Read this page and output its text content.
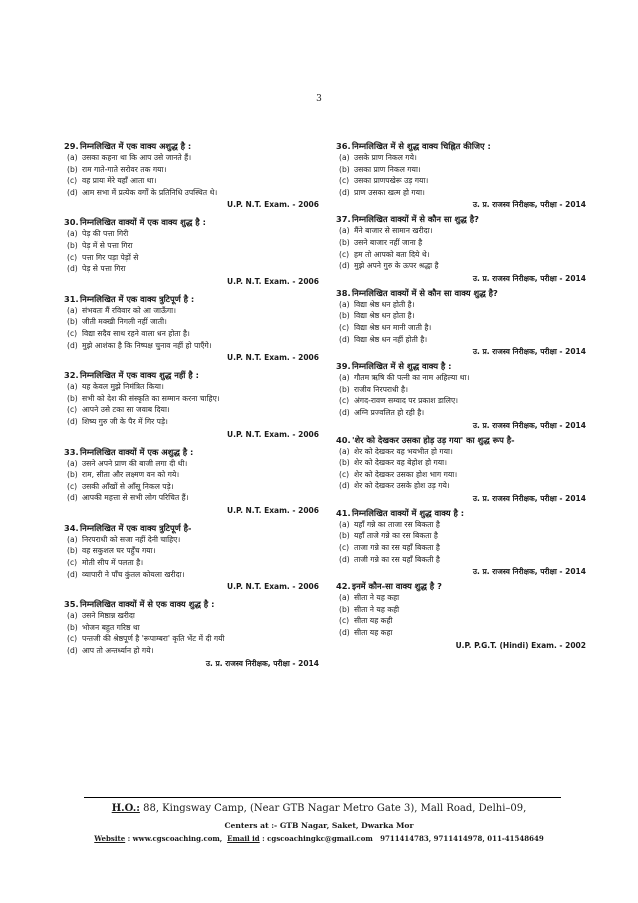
3
29. निम्नलिखित में एक वाक्य अशुद्ध है :
(a) उसका कहना था कि आप उसे जानते हैं।
(b) राम गाते-गाते सरोवर तक गया।
(c) वह प्रायः मेरे यहाँ आता था।
(d) आम सभा में प्रत्येक वर्गों के प्रतिनिधि उपस्थित थे।
U.P. N.T. Exam. - 2006
30. निम्नलिखित वाक्यों में एक वाक्य शुद्ध है :
(a) पेड़ की पत्ता गिरी
(b) पेड़ में से पत्ता गिरा
(c) पत्ता गिर पड़ा पेड़ों से
(d) पेड़ से पत्ता गिरा
U.P. N.T. Exam. - 2006
31. निम्नलिखित में एक वाक्य त्रुटिपूर्ण है :
(a) संभवतः मैं रविवार को आ जाऊँगा।
(b) जीती मक्खी निगली नहीं जाती।
(c) विद्या सदैव साथ रहने वाला धन होता है।
(d) मुझे आशंका है कि निष्पक्ष चुनाव नहीं हो पाएँगे।
U.P. N.T. Exam. - 2006
32. निम्नलिखित में एक वाक्य शुद्ध नहीं है :
(a) यह केवल मुझे निमंत्रित किया।
(b) सभी को देश की संस्कृति का सम्मान करना चाहिए।
(c) आपने उसे टका सा जवाब दिया।
(d) शिष्य गुरु जी के पैर में गिर पड़े।
U.P. N.T. Exam. - 2006
33. निम्नलिखित वाक्यों में एक अशुद्ध है :
(a) उसने अपने प्राण की बाजी लगा दी थी।
(b) राम, सीता और लक्ष्मण वन को गये।
(c) उसकी आँखों से आँसू निकल पड़े।
(d) आपकी महत्ता से सभी लोग परिचित हैं।
U.P. N.T. Exam. - 2006
34. निम्नलिखित में एक वाक्य त्रुटिपूर्ण है-
(a) निरपराधी को सजा नहीं देनी चाहिए।
(b) वह सकुशल घर पहुँच गया।
(c) मोती सीप में पलता है।
(d) व्यापारी ने पाँच कुंतल कोयला खरीदा।
U.P. N.T. Exam. - 2006
35. निम्नलिखित वाक्यों में से एक वाक्य शुद्ध है :
(a) उसने मिष्ठान्न खरीदा
(b) भोजन बहुत गरिष्ठ था
(c) पन्तजी की श्रेष्ठपूर्ण है 'रूपाम्बरा' कृति भेंट में दी गयी
(d) आप तो अन्तर्ध्यान हो गये।
उ. प्र. राजस्व निरीक्षक, परीक्षा - 2014
36. निम्नलिखित में से शुद्ध वाक्य चिह्नित कीजिए :
(a) उसके प्राण निकल गये।
(b) उसका प्राण निकल गया।
(c) उसका प्राणपखेरू उड़ गया।
(d) प्राण उसका खत्म हो गया।
उ. प्र. राजस्व निरीक्षक, परीक्षा - 2014
37. निम्नलिखित वाक्यों में से कौन सा शुद्ध है?
(a) मैंने बाजार से सामान खरीदा।
(b) उसने बाजार नहीं जाना है
(c) हम तो आपको बता दिये थे।
(d) मुझे अपने गुरु के ऊपर श्रद्धा है
उ. प्र. राजस्व निरीक्षक, परीक्षा - 2014
38. निम्नलिखित वाक्यों में से कौन सा वाक्य शुद्ध है?
(a) विद्या श्रेष्ठ धन होती है।
(b) विद्या श्रेष्ठ धन होता है।
(c) विद्या श्रेष्ठ धन मानी जाती है।
(d) विद्या श्रेष्ठ धन नहीं होती है।
उ. प्र. राजस्व निरीक्षक, परीक्षा - 2014
39. निम्नलिखित में से शुद्ध वाक्य है :
(a) गौतम ऋषि की पत्नी का नाम अहिल्या था।
(b) राजीव निरपराधी है।
(c) अंगद-रावण सम्वाद पर प्रकाश डालिए।
(d) अग्नि प्रज्वलित हो रही है।
उ. प्र. राजस्व निरीक्षक, परीक्षा - 2014
40. 'शेर को देखकर उसका होड़ उड़ गया' का शुद्ध रूप है-
(a) शेर को देखकर वह भयभीत हो गया।
(b) शेर को देखकर वह बेहोश हो गया।
(c) शेर को देखकर उसका होश भाग गया।
(d) शेर को देखकर उसके होश उड़ गये।
उ. प्र. राजस्व निरीक्षक, परीक्षा - 2014
41. निम्नलिखित वाक्यों में शुद्ध वाक्य है :
(a) यहाँ गन्ने का ताजा रस बिकता है
(b) यहाँ ताजे गन्ने का रस बिकता है
(c) ताजा गन्ने का रस यहाँ बिकता है
(d) ताजी गन्ने का रस यहाँ बिकती है
उ. प्र. राजस्व निरीक्षक, परीक्षा - 2014
42. इनमें कौन-सा वाक्य शुद्ध है ?
(a) सीता ने यह कहा
(b) सीता ने यह कही
(c) सीता यह कही
(d) सीता यह कहा
U.P. P.G.T. (Hindi) Exam. - 2002
H.O.: 88, Kingsway Camp, (Near GTB Nagar Metro Gate 3), Mall Road, Delhi–09,
Centers at :- GTB Nagar, Saket, Dwarka Mor
Website : www.cgscoaching.com, Email id : cgscoachingkc@gmail.com 9711414783, 9711414978, 011-41548649
